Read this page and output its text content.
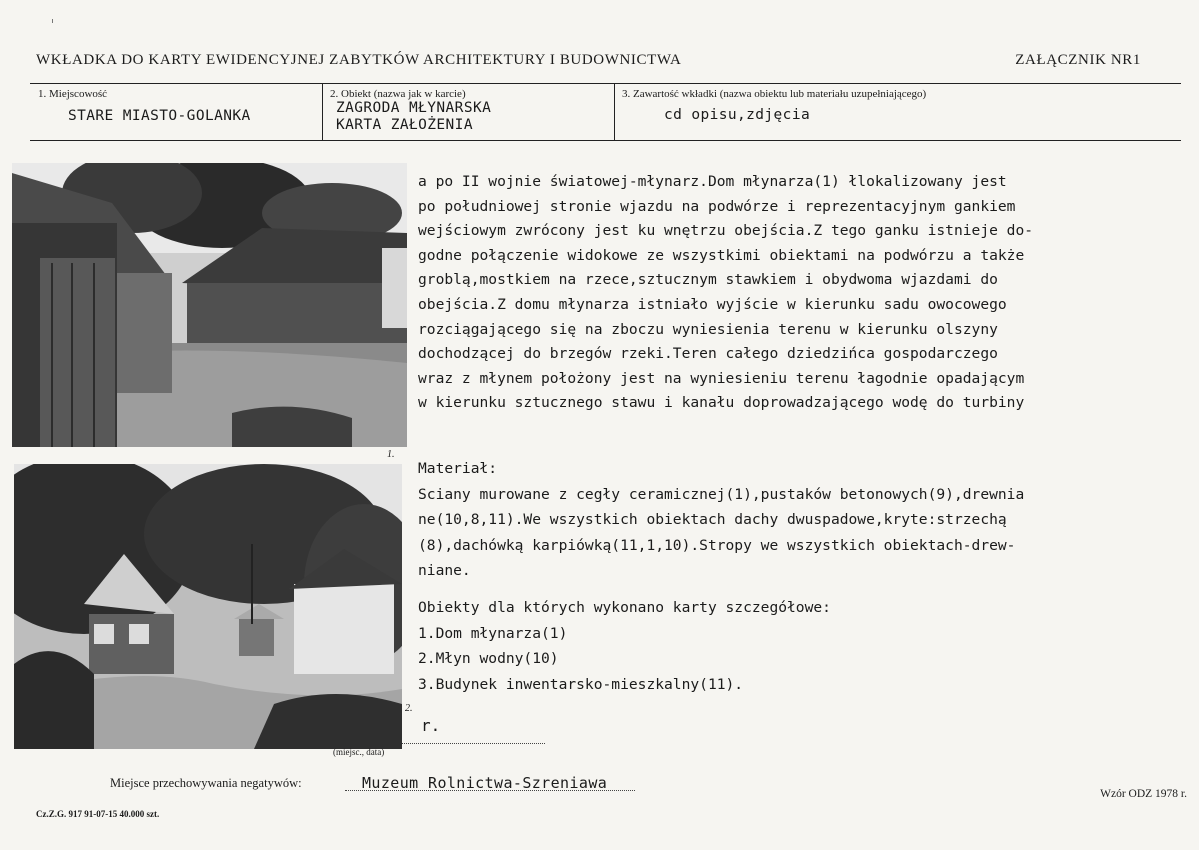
WKŁADKA DO KARTY EWIDENCYJNEJ ZABYTKÓW ARCHITEKTURY I BUDOWNICTWA	ZAŁĄCZNIK NR1
1. Miejscowość
STARE MIASTO-GOLANKA
2. Obiekt (nazwa jak w karcie)
ZAGRODA MŁYNARSKA
KARTA ZAŁOŻENIA
3. Zawartość wkładki (nazwa obiektu lub materiału uzupełniającego)
cd opisu,zdjęcia
1.
2.
a po II wojnie światowej-młynarz.Dom młynarza(1) łlokalizowany jest
po południowej stronie wjazdu na podwórze i reprezentacyjnym gankiem
wejściowym zwrócony jest ku wnętrzu obejścia.Z tego ganku istnieje do-
godne połączenie widokowe ze wszystkimi obiektami na podwórzu a także
groblą,mostkiem na rzece,sztucznym stawkiem i obydwoma wjazdami do
obejścia.Z domu młynarza istniało wyjście w kierunku sadu owocowego
rozciągającego się na zboczu wyniesienia terenu w kierunku olszyny
dochodzącej do brzegów rzeki.Teren całego dziedzińca gospodarczego
wraz z młynem położony jest na wyniesieniu terenu łagodnie opadającym
w kierunku sztucznego stawu i kanału doprowadzającego wodę do turbiny
Materiał:
Sciany murowane z cegły ceramicznej(1),pustaków betonowych(9),drewnia
ne(10,8,11).We wszystkich obiektach dachy dwuspadowe,kryte:strzechą
(8),dachówką karpiówką(11,1,10).Stropy we wszystkich obiektach-drew-
niane.
Obiekty dla których wykonano karty szczegółowe:
1.Dom młynarza(1)
2.Młyn wodny(10)
3.Budynek inwentarsko-mieszkalny(11).
r.
(miejsc., data)
Miejsce przechowywania negatywów:	Muzeum Rolnictwa-Szreniawa
Cz.Z.G. 917 91-07-15 40.000 szt.
Wzór ODZ 1978 r.
